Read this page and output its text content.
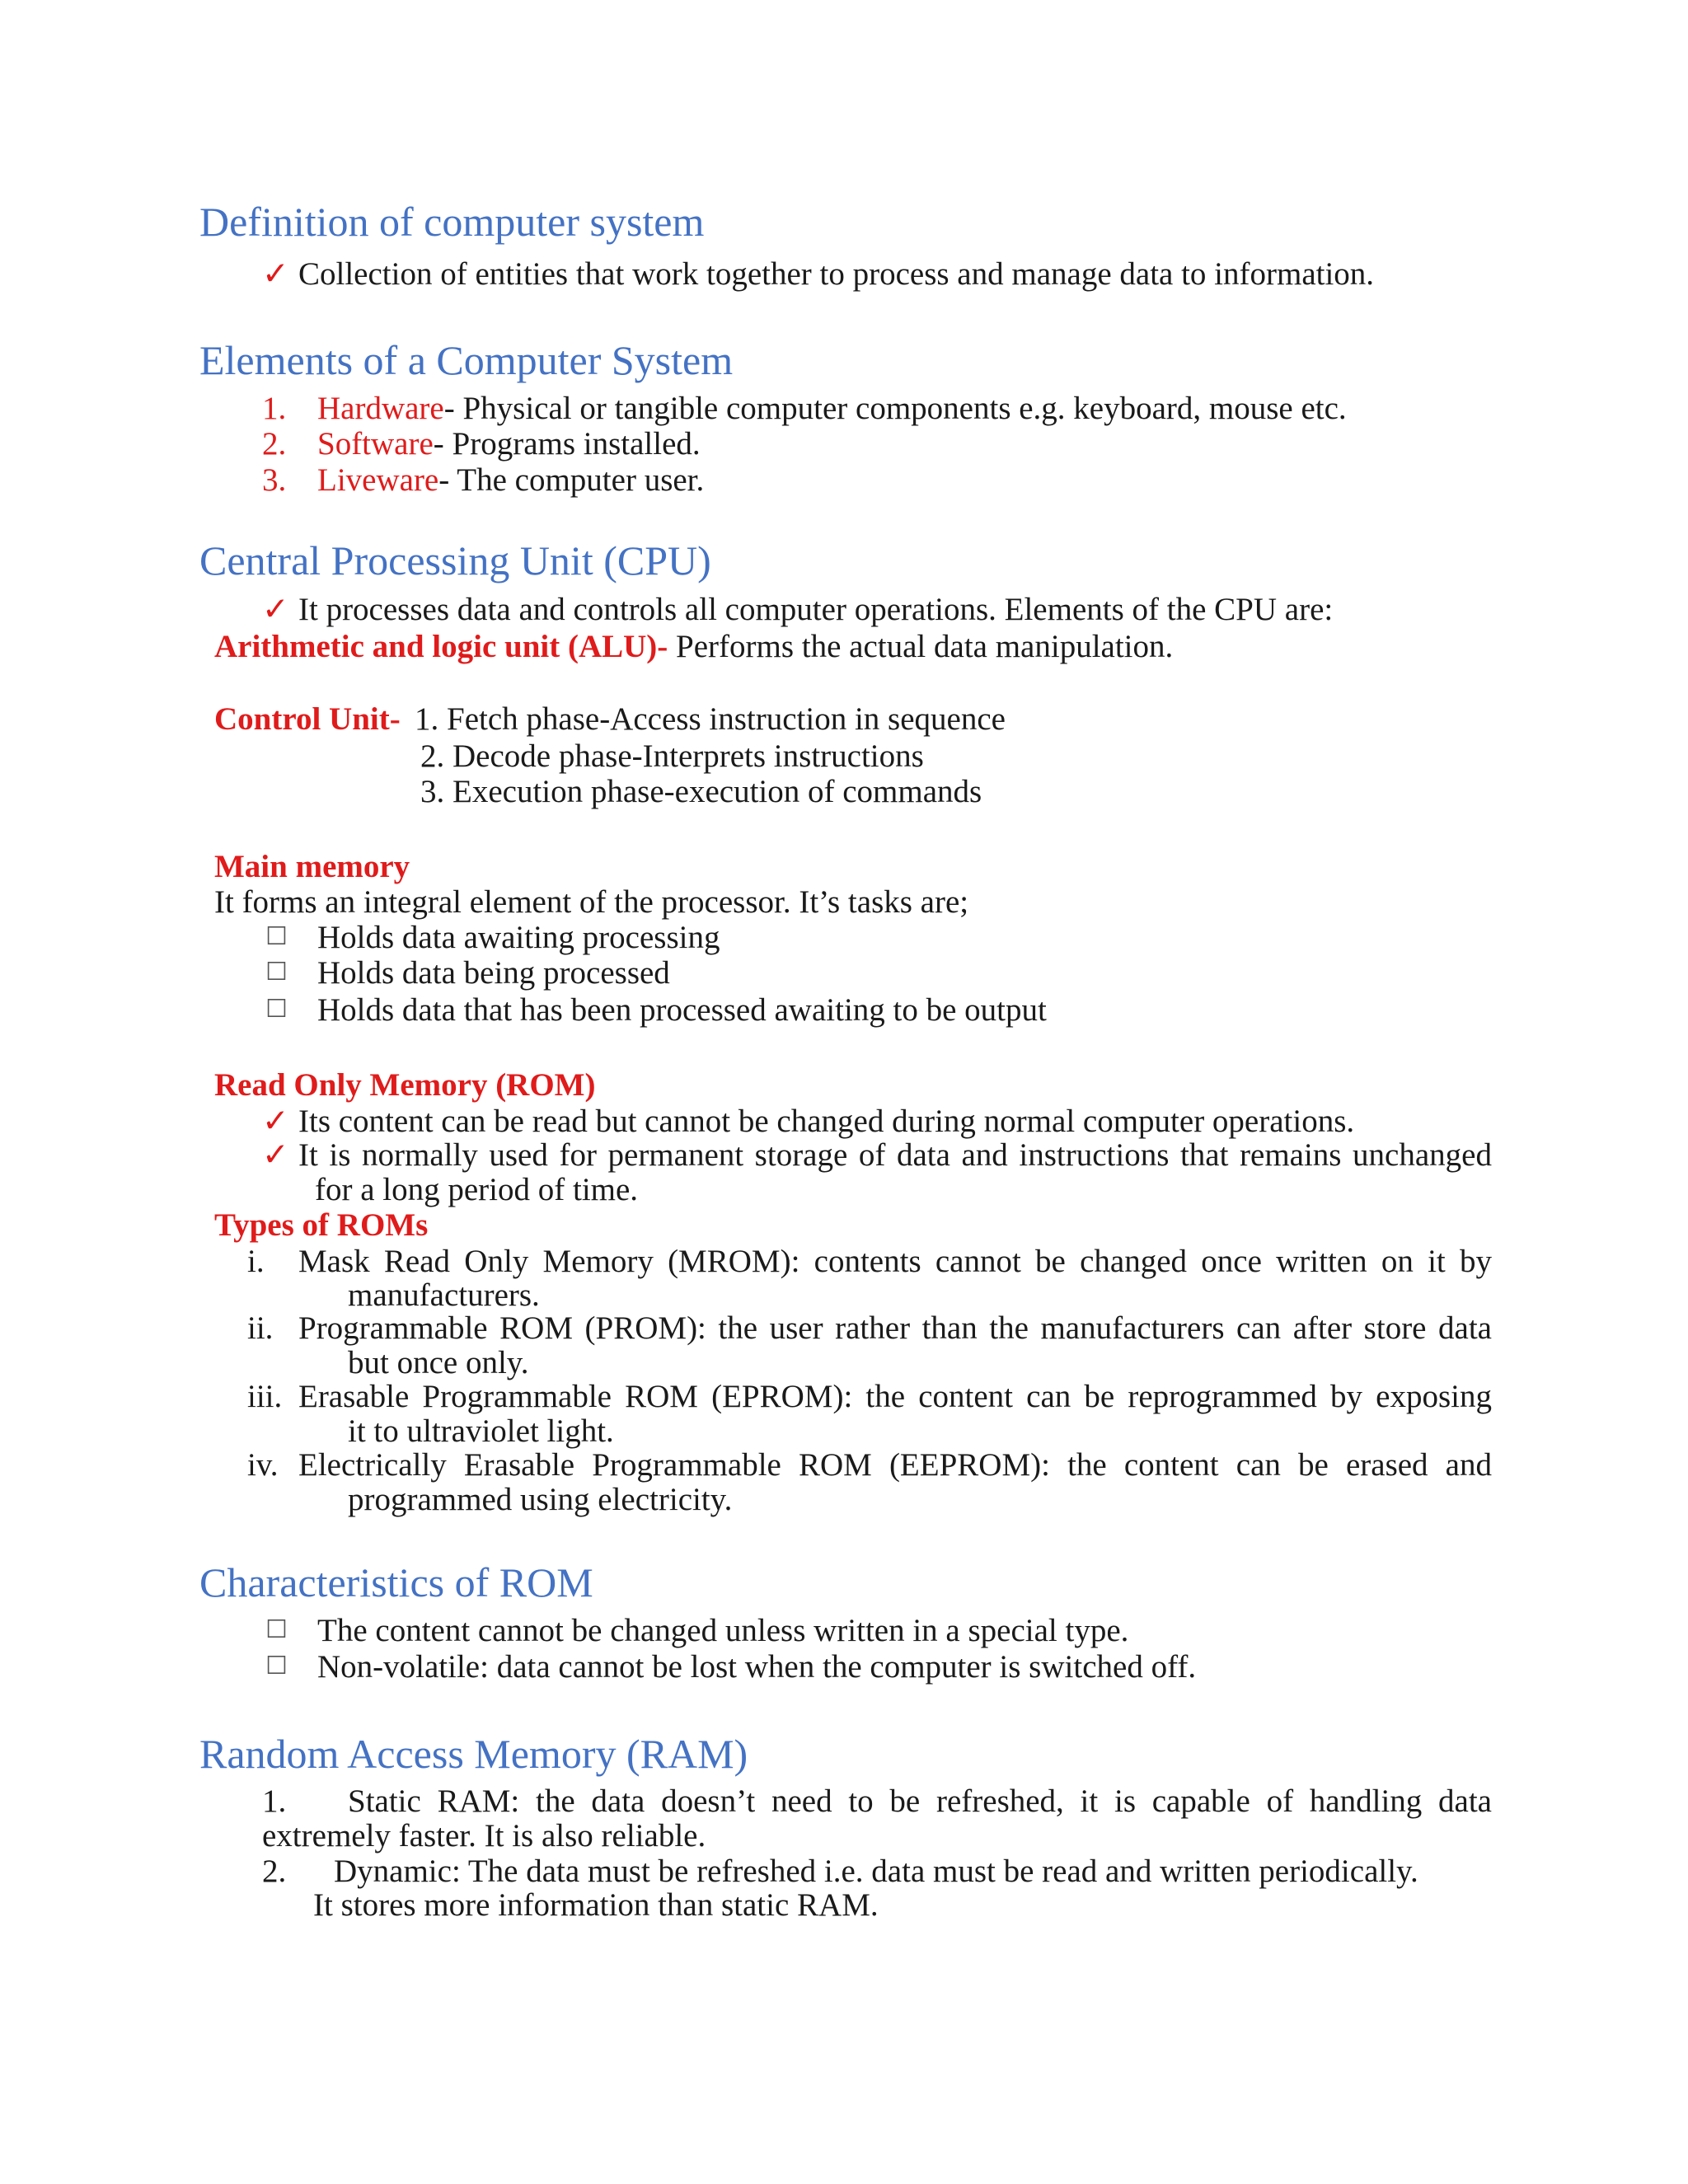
Definition of computer system
✓ Collection of entities that work together to process and manage data to information.
Elements of a Computer System
1. Hardware- Physical or tangible computer components e.g. keyboard, mouse etc.
2. Software- Programs installed.
3. Liveware- The computer user.
Central Processing Unit (CPU)
✓ It processes data and controls all computer operations. Elements of the CPU are:
Arithmetic and logic unit (ALU)- Performs the actual data manipulation.
Control Unit- 1. Fetch phase-Access instruction in sequence
2. Decode phase-Interprets instructions
3. Execution phase-execution of commands
Main memory
It forms an integral element of the processor. It’s tasks are;
☐ Holds data awaiting processing
☐ Holds data being processed
☐ Holds data that has been processed awaiting to be output
Read Only Memory (ROM)
✓ Its content can be read but cannot be changed during normal computer operations.
✓ It is normally used for permanent storage of data and instructions that remains unchanged
for a long period of time.
Types of ROMs
i. Mask Read Only Memory (MROM): contents cannot be changed once written on it by
manufacturers.
ii. Programmable ROM (PROM): the user rather than the manufacturers can after store data
but once only.
iii. Erasable Programmable ROM (EPROM): the content can be reprogrammed by exposing
it to ultraviolet light.
iv. Electrically Erasable Programmable ROM (EEPROM): the content can be erased and
programmed using electricity.
Characteristics of ROM
☐ The content cannot be changed unless written in a special type.
☐ Non-volatile: data cannot be lost when the computer is switched off.
Random Access Memory (RAM)
1. Static RAM: the data doesn’t need to be refreshed, it is capable of handling data
extremely faster. It is also reliable.
2. Dynamic: The data must be refreshed i.e. data must be read and written periodically.
It stores more information than static RAM.
